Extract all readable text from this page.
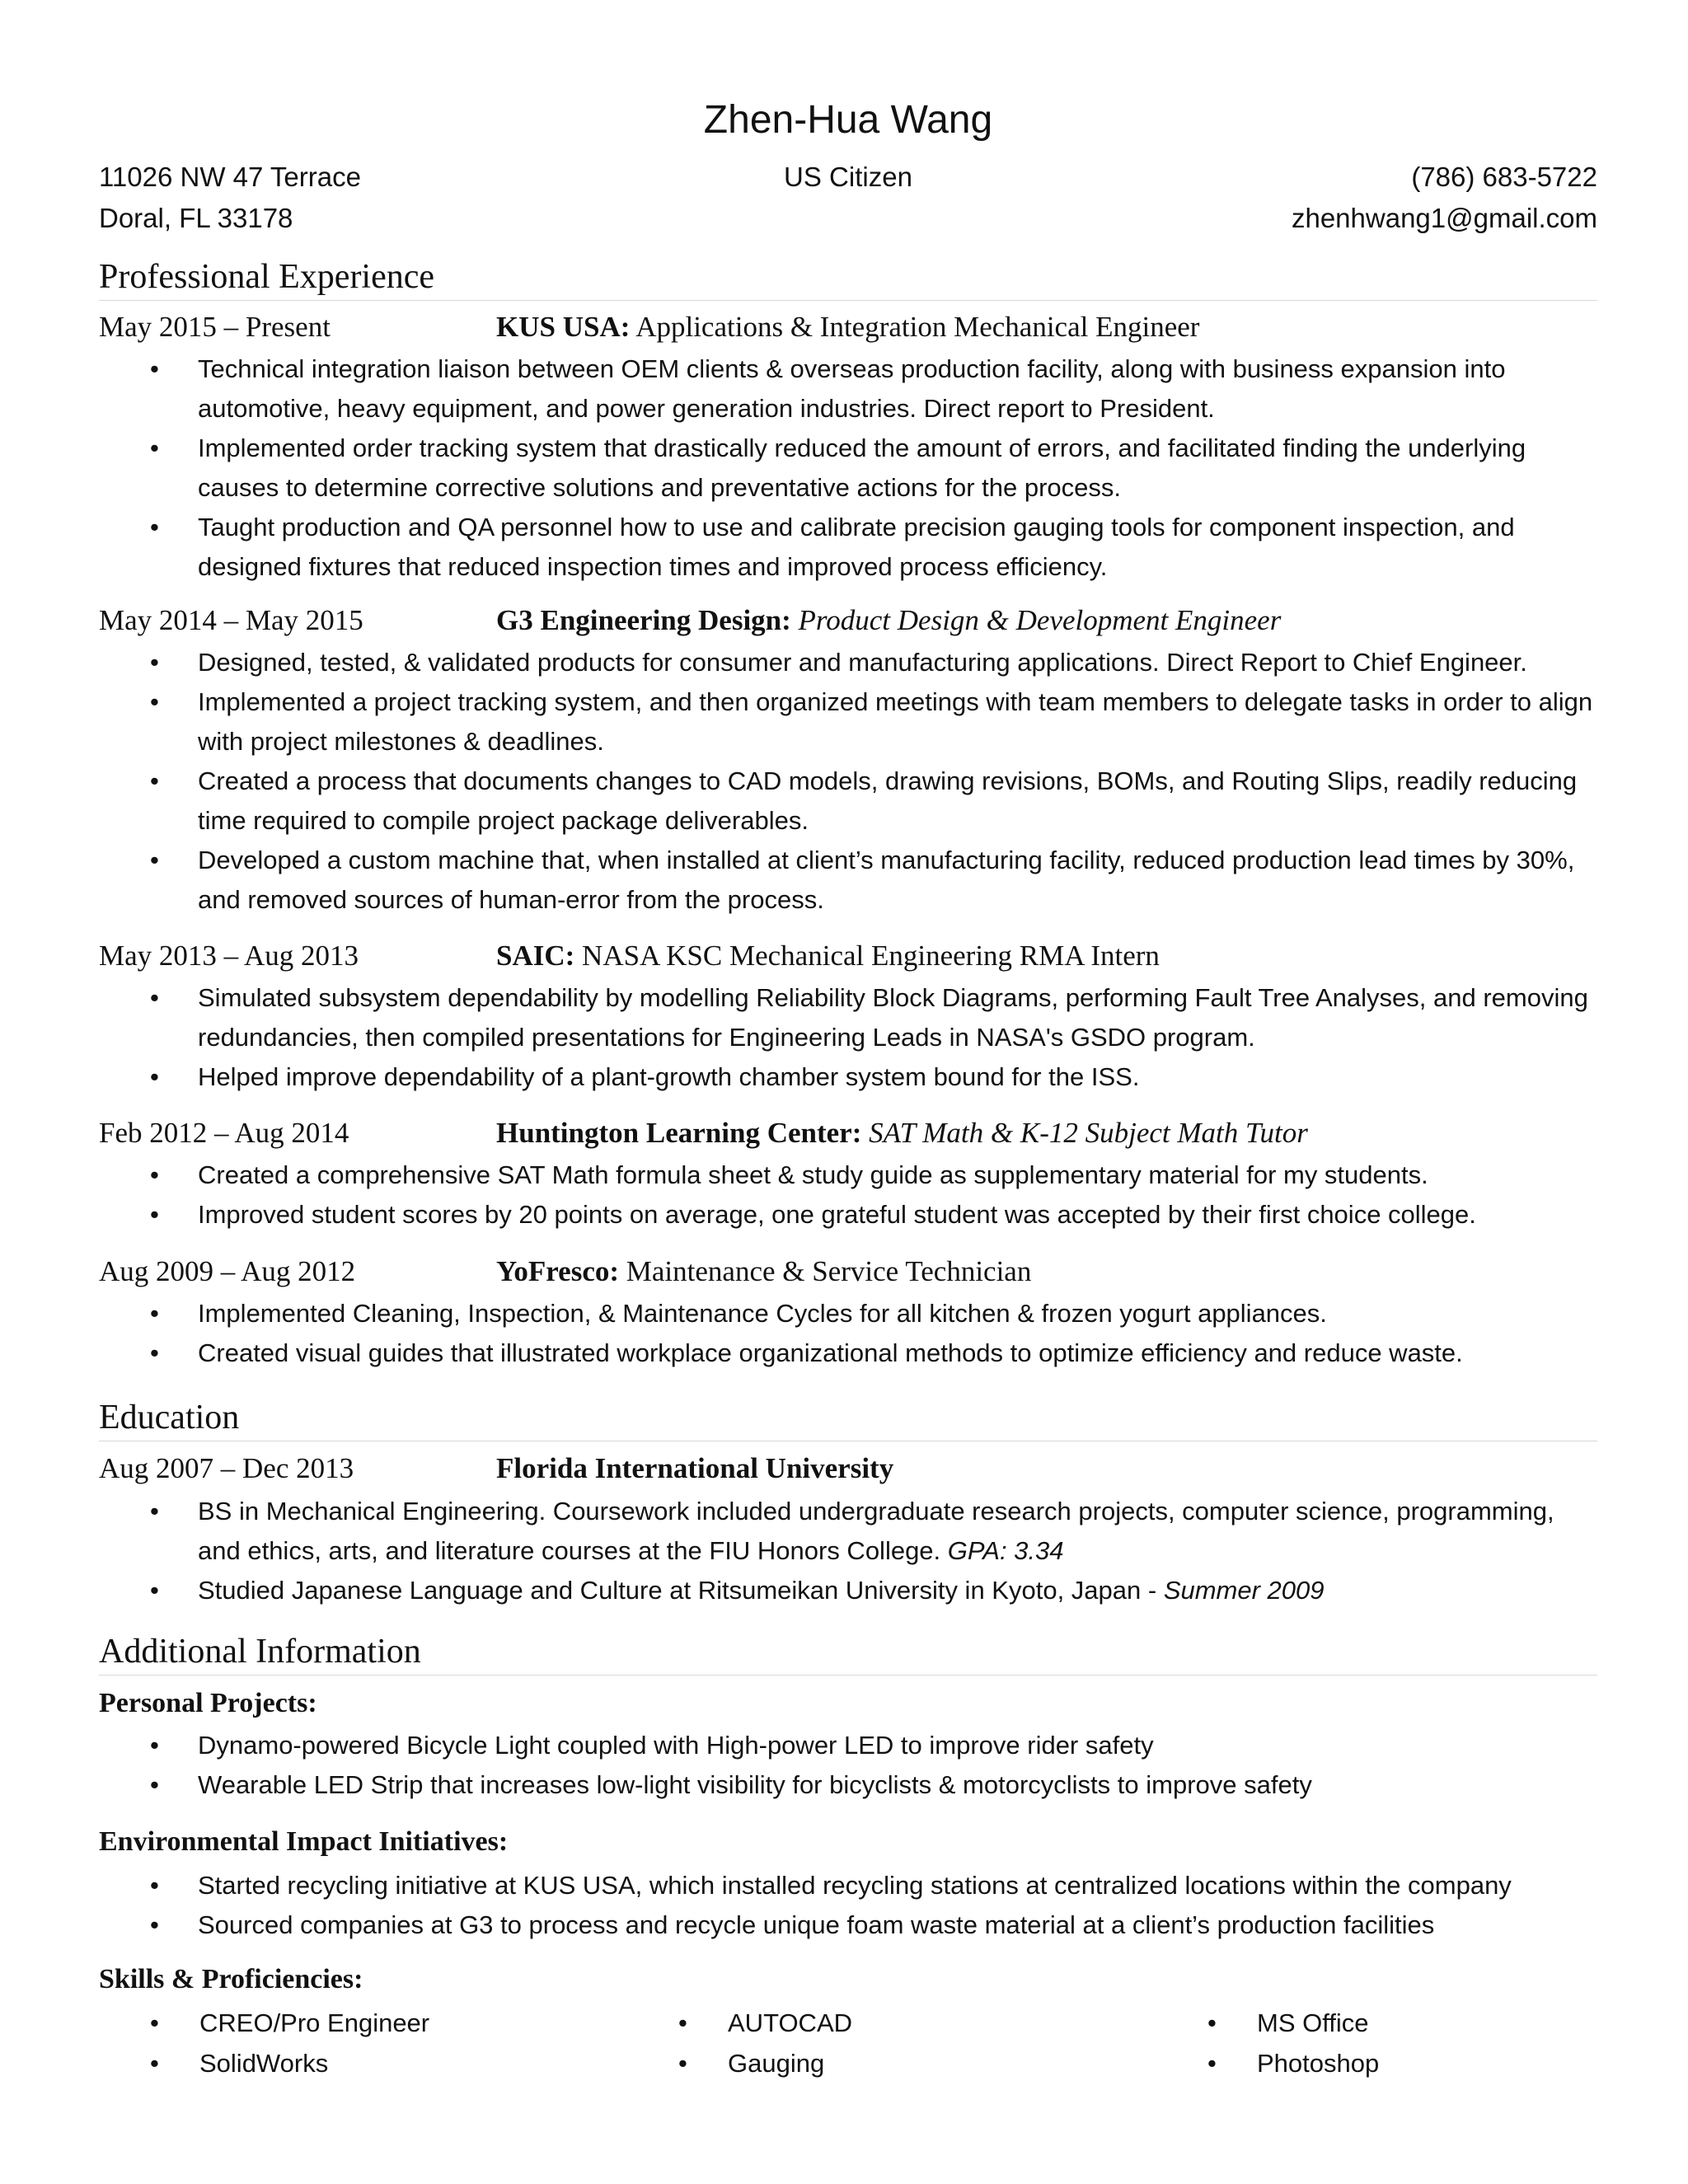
Zhen-Hua Wang
11026 NW 47 Terrace
Doral, FL 33178
US Citizen	(786) 683-5722
zhenhwang1@gmail.com
Professional Experience
May 2015 – Present	KUS USA: Applications & Integration Mechanical Engineer
• Technical integration liaison between OEM clients & overseas production facility, along with business expansion into automotive, heavy equipment, and power generation industries. Direct report to President.
• Implemented order tracking system that drastically reduced the amount of errors, and facilitated finding the underlying causes to determine corrective solutions and preventative actions for the process.
• Taught production and QA personnel how to use and calibrate precision gauging tools for component inspection, and designed fixtures that reduced inspection times and improved process efficiency.
May 2014 – May 2015	G3 Engineering Design: Product Design & Development Engineer
• Designed, tested, & validated products for consumer and manufacturing applications. Direct Report to Chief Engineer.
• Implemented a project tracking system, and then organized meetings with team members to delegate tasks in order to align with project milestones & deadlines.
• Created a process that documents changes to CAD models, drawing revisions, BOMs, and Routing Slips, readily reducing time required to compile project package deliverables.
• Developed a custom machine that, when installed at client’s manufacturing facility, reduced production lead times by 30%, and removed sources of human-error from the process.
May 2013 – Aug 2013	SAIC: NASA KSC Mechanical Engineering RMA Intern
• Simulated subsystem dependability by modelling Reliability Block Diagrams, performing Fault Tree Analyses, and removing redundancies, then compiled presentations for Engineering Leads in NASA's GSDO program.
• Helped improve dependability of a plant-growth chamber system bound for the ISS.
Feb 2012 – Aug 2014	Huntington Learning Center: SAT Math & K-12 Subject Math Tutor
• Created a comprehensive SAT Math formula sheet & study guide as supplementary material for my students.
• Improved student scores by 20 points on average, one grateful student was accepted by their first choice college.
Aug 2009 – Aug 2012	YoFresco: Maintenance & Service Technician
• Implemented Cleaning, Inspection, & Maintenance Cycles for all kitchen & frozen yogurt appliances.
• Created visual guides that illustrated workplace organizational methods to optimize efficiency and reduce waste.
Education
Aug 2007 – Dec 2013	Florida International University
• BS in Mechanical Engineering. Coursework included undergraduate research projects, computer science, programming, and ethics, arts, and literature courses at the FIU Honors College. GPA: 3.34
• Studied Japanese Language and Culture at Ritsumeikan University in Kyoto, Japan - Summer 2009
Additional Information
Personal Projects:
• Dynamo-powered Bicycle Light coupled with High-power LED to improve rider safety
• Wearable LED Strip that increases low-light visibility for bicyclists & motorcyclists to improve safety
Environmental Impact Initiatives:
• Started recycling initiative at KUS USA, which installed recycling stations at centralized locations within the company
• Sourced companies at G3 to process and recycle unique foam waste material at a client’s production facilities
Skills & Proficiencies:
• CREO/Pro Engineer
• SolidWorks
• AUTOCAD
• Gauging
• MS Office
• Photoshop
